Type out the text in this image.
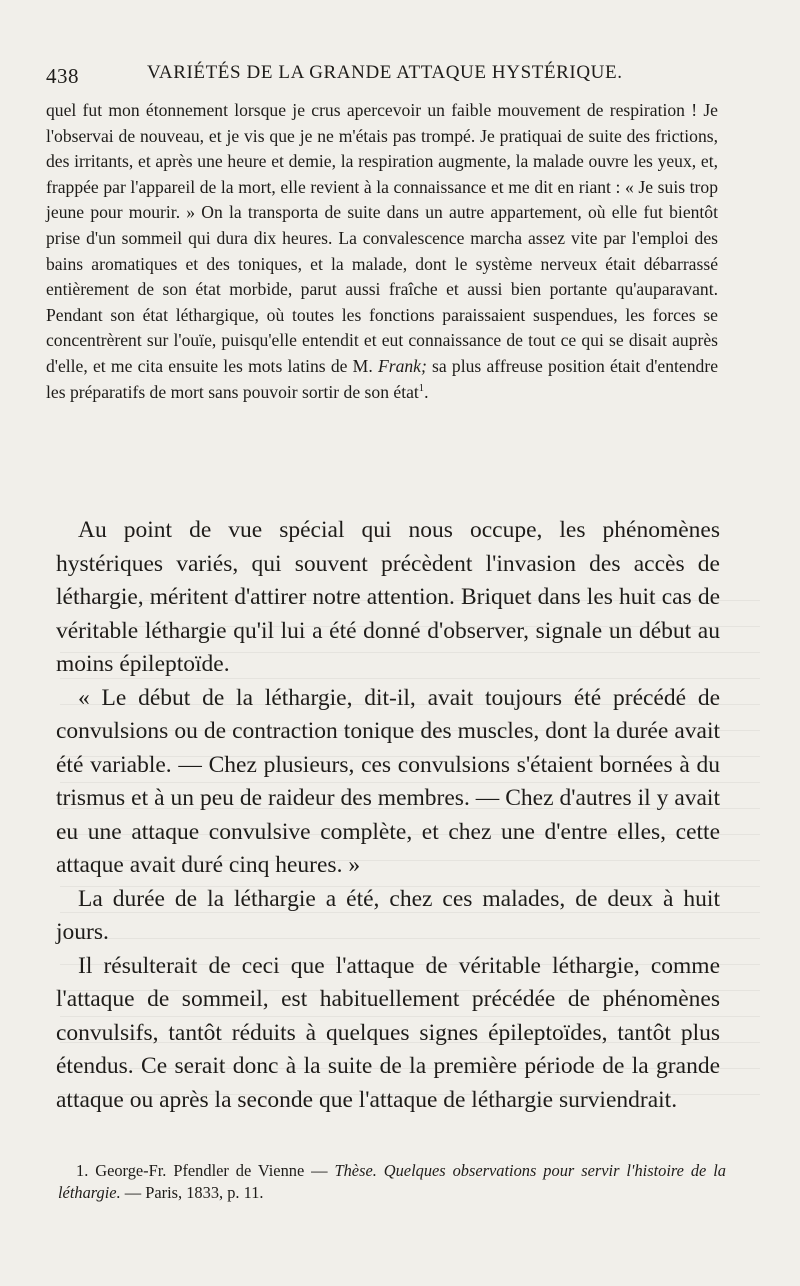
438	VARIÉTÉS DE LA GRANDE ATTAQUE HYSTÉRIQUE.

quel fut mon étonnement lorsque je crus apercevoir un faible mouvement de respiration ! Je l'observai de nouveau, et je vis que je ne m'étais pas trompé. Je pratiquai de suite des frictions, des irritants, et après une heure et demie, la respiration augmente, la malade ouvre les yeux, et, frappée par l'appareil de la mort, elle revient à la connaissance et me dit en riant : « Je suis trop jeune pour mourir. » On la transporta de suite dans un autre appartement, où elle fut bientôt prise d'un sommeil qui dura dix heures. La convalescence marcha assez vite par l'emploi des bains aromatiques et des toniques, et la malade, dont le système nerveux était débarrassé entièrement de son état morbide, parut aussi fraîche et aussi bien portante qu'auparavant. Pendant son état léthargique, où toutes les fonctions paraissaient suspendues, les forces se concentrèrent sur l'ouïe, puisqu'elle entendit et eut connaissance de tout ce qui se disait auprès d'elle, et me cita ensuite les mots latins de M. Frank; sa plus affreuse position était d'entendre les préparatifs de mort sans pouvoir sortir de son état$^1$.

Au point de vue spécial qui nous occupe, les phénomènes hystériques variés, qui souvent précèdent l'invasion des accès de léthargie, méritent d'attirer notre attention. Briquet dans les huit cas de véritable léthargie qu'il lui a été donné d'observer, signale un début au moins épileptoïde.

« Le début de la léthargie, dit-il, avait toujours été précédé de convulsions ou de contraction tonique des muscles, dont la durée avait été variable. — Chez plusieurs, ces convulsions s'étaient bornées à du trismus et à un peu de raideur des membres. — Chez d'autres il y avait eu une attaque convulsive complète, et chez une d'entre elles, cette attaque avait duré cinq heures. »

La durée de la léthargie a été, chez ces malades, de deux à huit jours.

Il résulterait de ceci que l'attaque de véritable léthargie, comme l'attaque de sommeil, est habituellement précédée de phénomènes convulsifs, tantôt réduits à quelques signes épileptoïdes, tantôt plus étendus. Ce serait donc à la suite de la première période de la grande attaque ou après la seconde que l'attaque de léthargie surviendrait.

1. George-Fr. Pfendler de Vienne — Thèse. Quelques observations pour servir l'histoire de la léthargie. — Paris, 1833, p. 11.
